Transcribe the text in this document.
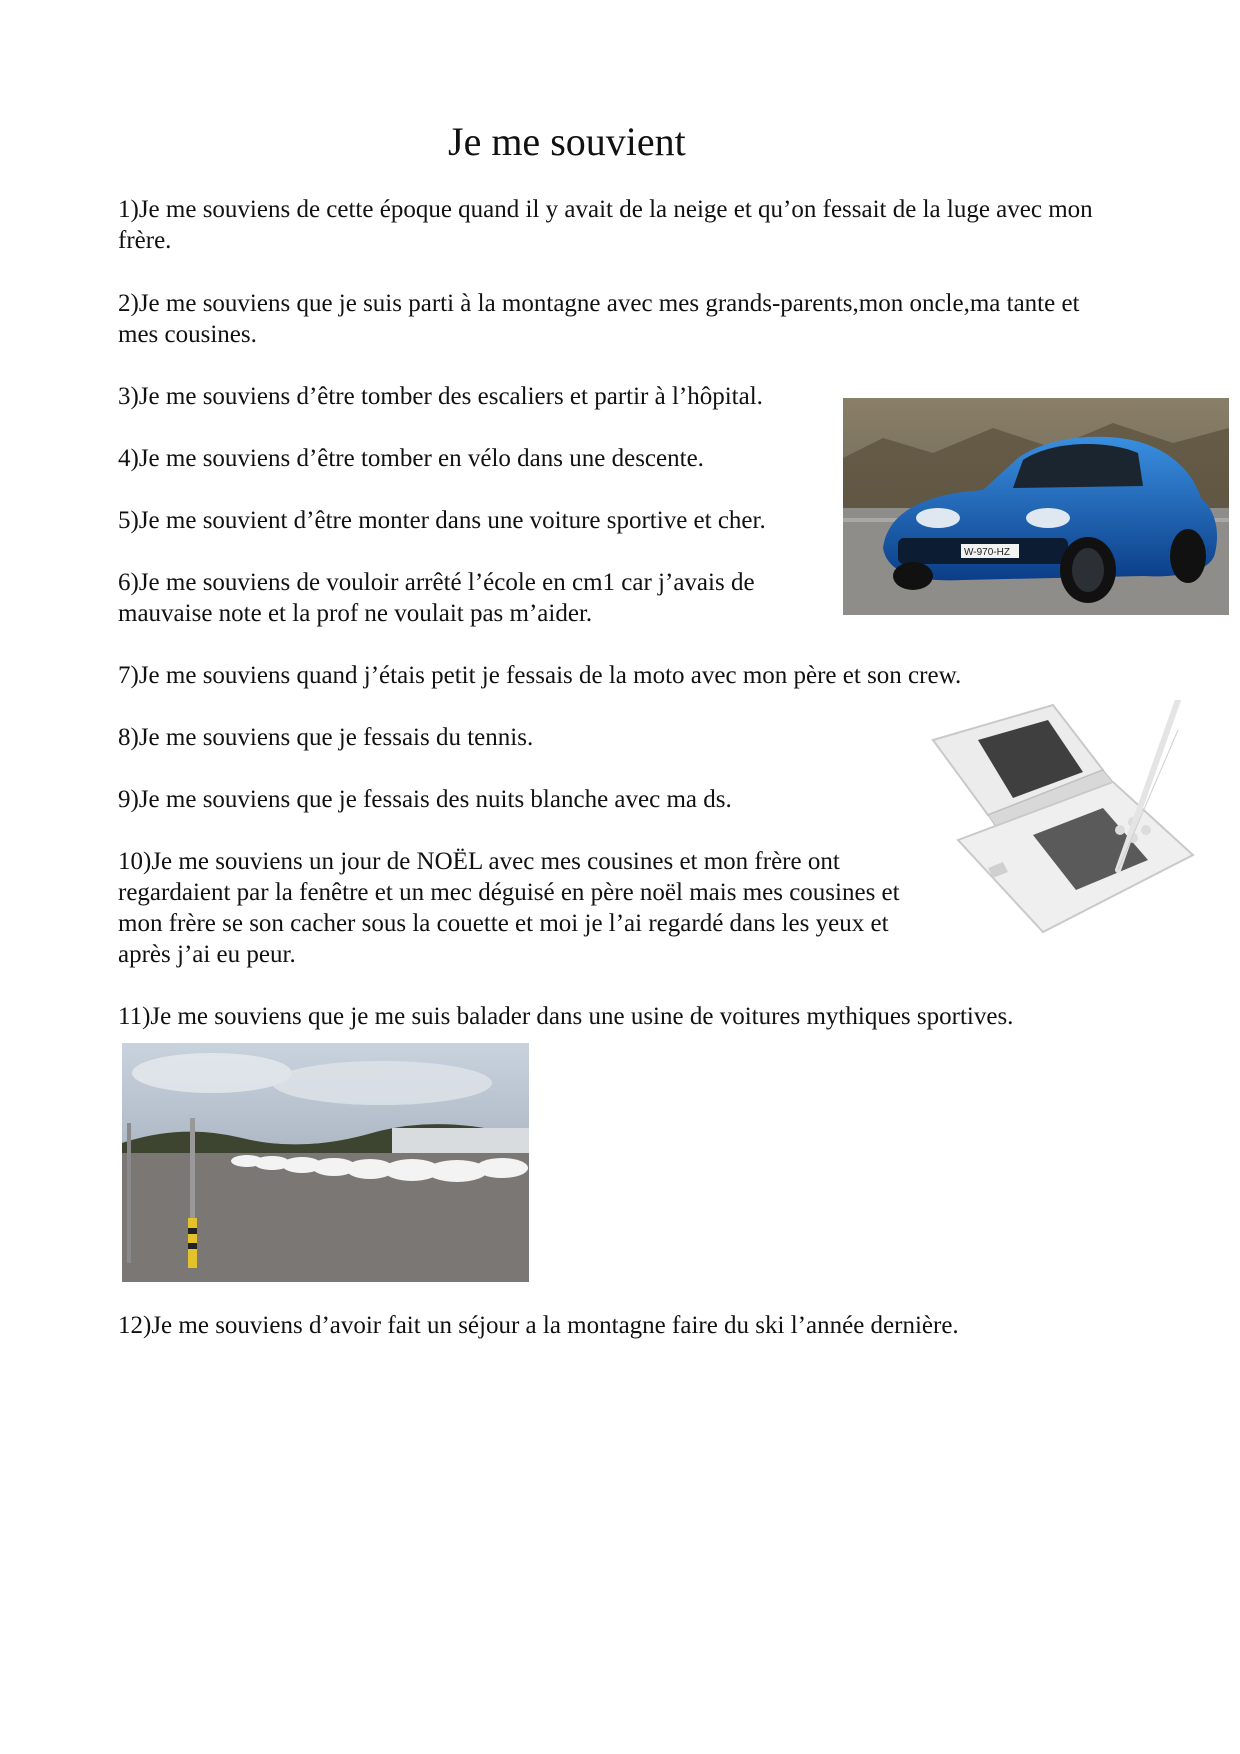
Je me souvient

1)Je me souviens de cette époque quand il y avait de la neige et qu’on fessait de la luge avec mon frère.

2)Je me souviens que je suis parti à la montagne avec mes grands-parents,mon oncle,ma tante et mes cousines.

3)Je me souviens d’être tomber des escaliers et partir à l’hôpital.

4)Je me souviens d’être tomber en vélo dans une descente.

5)Je me souvient d’être monter dans une voiture sportive et cher.

6)Je me souviens de vouloir arrêté l’école en cm1 car j’avais de mauvaise note et la prof ne voulait pas m’aider.

7)Je me souviens quand j’étais petit je fessais de la moto avec mon père et son crew.

8)Je me souviens que je fessais du tennis.

9)Je me souviens que je fessais des nuits blanche avec ma ds.

10)Je me souviens un jour de NOËL avec mes cousines et mon frère ont regardaient par la fenêtre et un mec déguisé en père noël mais mes cousines et mon frère se son cacher sous la couette et moi je l’ai regardé dans les yeux et après j’ai eu peur.

11)Je me souviens que je me suis balader dans une usine de voitures mythiques sportives.

12)Je me souviens d’avoir fait un séjour a la montagne faire du ski l’année dernière.

W-970-HZ
